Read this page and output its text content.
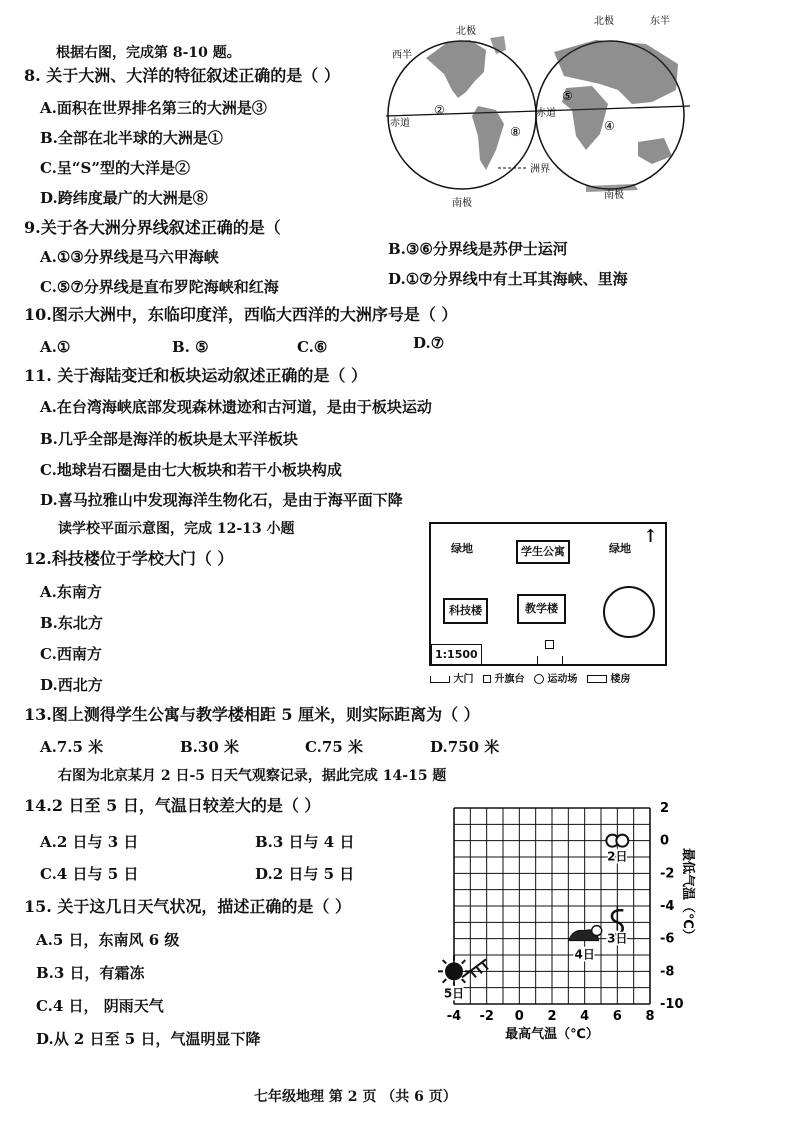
根据右图，完成第 8-10 题。
8. 关于大洲、大洋的特征叙述正确的是（ ）
A.面积在世界排名第三的大洲是③
B.全部在北半球的大洲是①
C.呈“S”型的大洋是②
D.跨纬度最广的大洲是⑧
9.关于各大洲分界线叙述正确的是（
A.①③分界线是马六甲海峡	B.③⑥分界线是苏伊士运河
C.⑤⑦分界线是直布罗陀海峡和红海	D.①⑦分界线中有土耳其海峡、里海
10.图示大洲中，东临印度洋，西临大西洋的大洲序号是（ ）
A.①	B. ⑤	C.⑥	D.⑦
11. 关于海陆变迁和板块运动叙述正确的是（ ）
A.在台湾海峡底部发现森林遗迹和古河道，是由于板块运动
B.几乎全部是海洋的板块是太平洋板块
C.地球岩石圈是由七大板块和若干小板块构成
D.喜马拉雅山中发现海洋生物化石，是由于海平面下降
读学校平面示意图，完成 12-13 小题
12.科技楼位于学校大门（ ）
A.东南方
B.东北方
C.西南方
D.西北方
13.图上测得学生公寓与教学楼相距 5 厘米，则实际距离为（ ）
A.7.5 米	B.30 米	C.75 米	D.750 米
右图为北京某月 2 日-5 日天气观察记录，据此完成 14-15 题
14.2 日至 5 日，气温日较差大的是（ ）
A.2 日与 3 日	B.3 日与 4 日
C.4 日与 5 日	D.2 日与 5 日
15. 关于这几日天气状况，描述正确的是（ ）
A.5 日，东南风 6 级
B.3 日，有霜冻
C.4 日， 阴雨天气
D.从 2 日至 5 日，气温明显下降
北极
北极
南极
南极
赤道
赤道
西半
东半
洲界
②
⑧
⑤
④
绿地	学生公寓	绿地
↑
科技楼	教学楼
1:1500
大门 升旗台 运动场	楼房
-4 -2 0 2 4 6 8
2
0
-2
-4
-6
-8
-10
最高气温（℃）
最低气温（℃）
2日
3日
4日
5日
七年级地理 第 2 页 （共 6 页）
